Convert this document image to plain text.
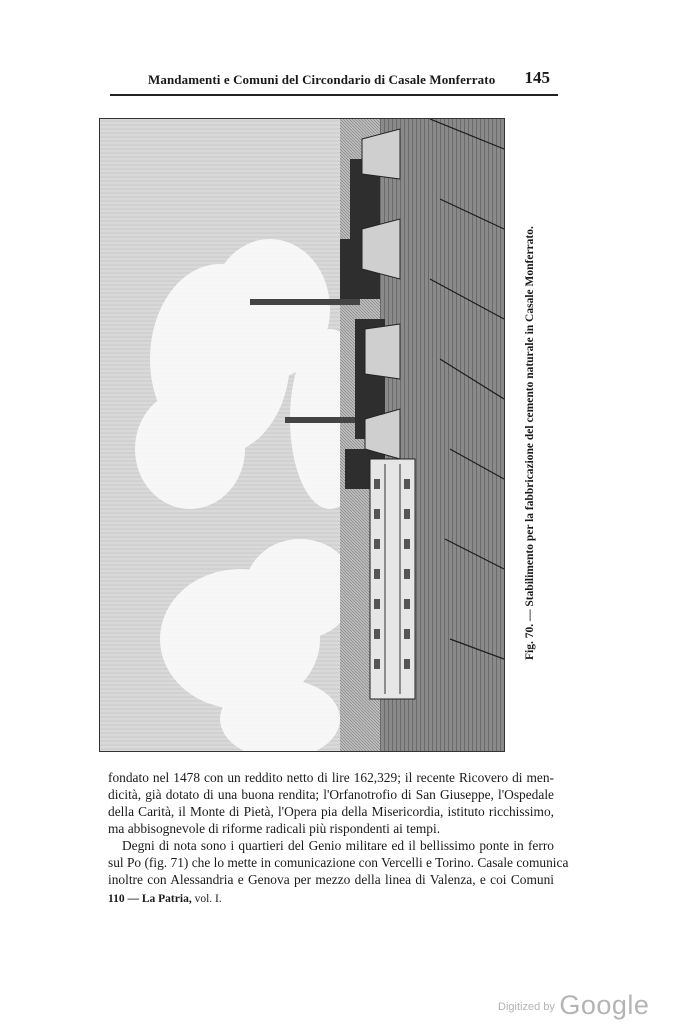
Mandamenti e Comuni del Circondario di Casale Monferrato 145
Fig. 70. — Stabilimento per la fabbricazione del cemento naturale in Casale Monferrato.

fondato nel 1478 con un reddito netto di lire 162,329; il recente Ricovero di men-
dicità, già dotato di una buona rendita; l'Orfanotrofio di San Giuseppe, l'Ospedale
della Carità, il Monte di Pietà, l'Opera pia della Misericordia, istituto ricchissimo,
ma abbisognevole di riforme radicali più rispondenti ai tempi.

Degni di nota sono i quartieri del Genio militare ed il bellissimo ponte in ferro
sul Po (fig. 71) che lo mette in comunicazione con Vercelli e Torino. Casale comunica
inoltre con Alessandria e Genova per mezzo della linea di Valenza, e coi Comuni

110 — La Patria, vol. I.
$^{Digitized by}$ Google
